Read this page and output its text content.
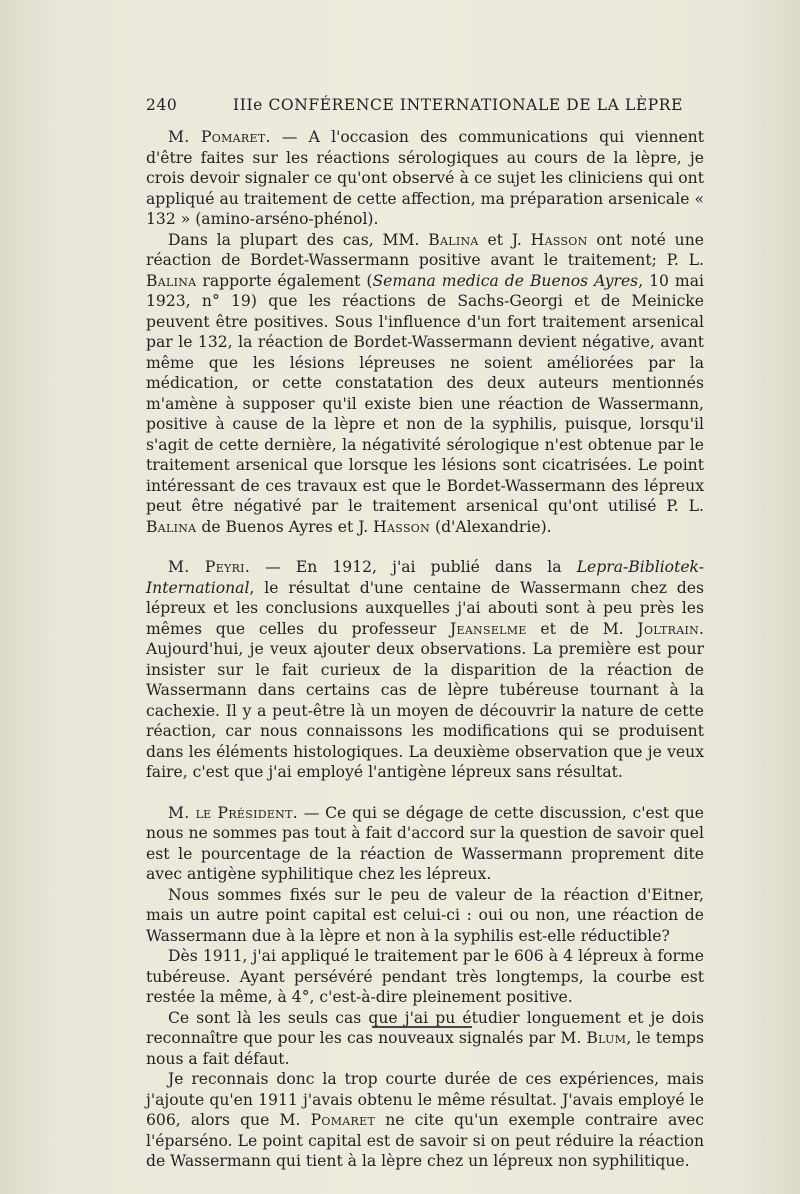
240	IIIe CONFÉRENCE INTERNATIONALE DE LA LÈPRE

M. Pomaret. — A l'occasion des communications qui viennent d'être faites sur les réactions sérologiques au cours de la lèpre, je crois devoir signaler ce qu'ont observé à ce sujet les cliniciens qui ont appliqué au traitement de cette affection, ma préparation arsenicale « 132 » (amino-arséno-phénol).

Dans la plupart des cas, MM. Balina et J. Hasson ont noté une réaction de Bordet-Wassermann positive avant le traitement; P. L. Balina rapporte également (Semana medica de Buenos Ayres, 10 mai 1923, n° 19) que les réactions de Sachs-Georgi et de Meinicke peuvent être positives. Sous l'influence d'un fort traitement arsenical par le 132, la réaction de Bordet-Wassermann devient négative, avant même que les lésions lépreuses ne soient améliorées par la médication, or cette constatation des deux auteurs mentionnés m'amène à supposer qu'il existe bien une réaction de Wassermann, positive à cause de la lèpre et non de la syphilis, puisque, lorsqu'il s'agit de cette dernière, la négativité sérologique n'est obtenue par le traitement arsenical que lorsque les lésions sont cicatrisées. Le point intéressant de ces travaux est que le Bordet-Wassermann des lépreux peut être négativé par le traitement arsenical qu'ont utilisé P. L. Balina de Buenos Ayres et J. Hasson (d'Alexandrie).

M. Peyri. — En 1912, j'ai publié dans la Lepra-Bibliotek-International, le résultat d'une centaine de Wassermann chez des lépreux et les conclusions auxquelles j'ai abouti sont à peu près les mêmes que celles du professeur Jeanselme et de M. Joltrain. Aujourd'hui, je veux ajouter deux observations. La première est pour insister sur le fait curieux de la disparition de la réaction de Wassermann dans certains cas de lèpre tubéreuse tournant à la cachexie. Il y a peut-être là un moyen de découvrir la nature de cette réaction, car nous connaissons les modifications qui se produisent dans les éléments histologiques. La deuxième observation que je veux faire, c'est que j'ai employé l'antigène lépreux sans résultat.

M. le Président. — Ce qui se dégage de cette discussion, c'est que nous ne sommes pas tout à fait d'accord sur la question de savoir quel est le pourcentage de la réaction de Wassermann proprement dite avec antigène syphilitique chez les lépreux.

Nous sommes fixés sur le peu de valeur de la réaction d'Eitner, mais un autre point capital est celui-ci : oui ou non, une réaction de Wassermann due à la lèpre et non à la syphilis est-elle réductible?

Dès 1911, j'ai appliqué le traitement par le 606 à 4 lépreux à forme tubéreuse. Ayant persévéré pendant très longtemps, la courbe est restée la même, à 4°, c'est-à-dire pleinement positive.

Ce sont là les seuls cas que j'ai pu étudier longuement et je dois reconnaître que pour les cas nouveaux signalés par M. Blum, le temps nous a fait défaut.

Je reconnais donc la trop courte durée de ces expériences, mais j'ajoute qu'en 1911 j'avais obtenu le même résultat. J'avais employé le 606, alors que M. Pomaret ne cite qu'un exemple contraire avec l'éparséno. Le point capital est de savoir si on peut réduire la réaction de Wassermann qui tient à la lèpre chez un lépreux non syphilitique.
